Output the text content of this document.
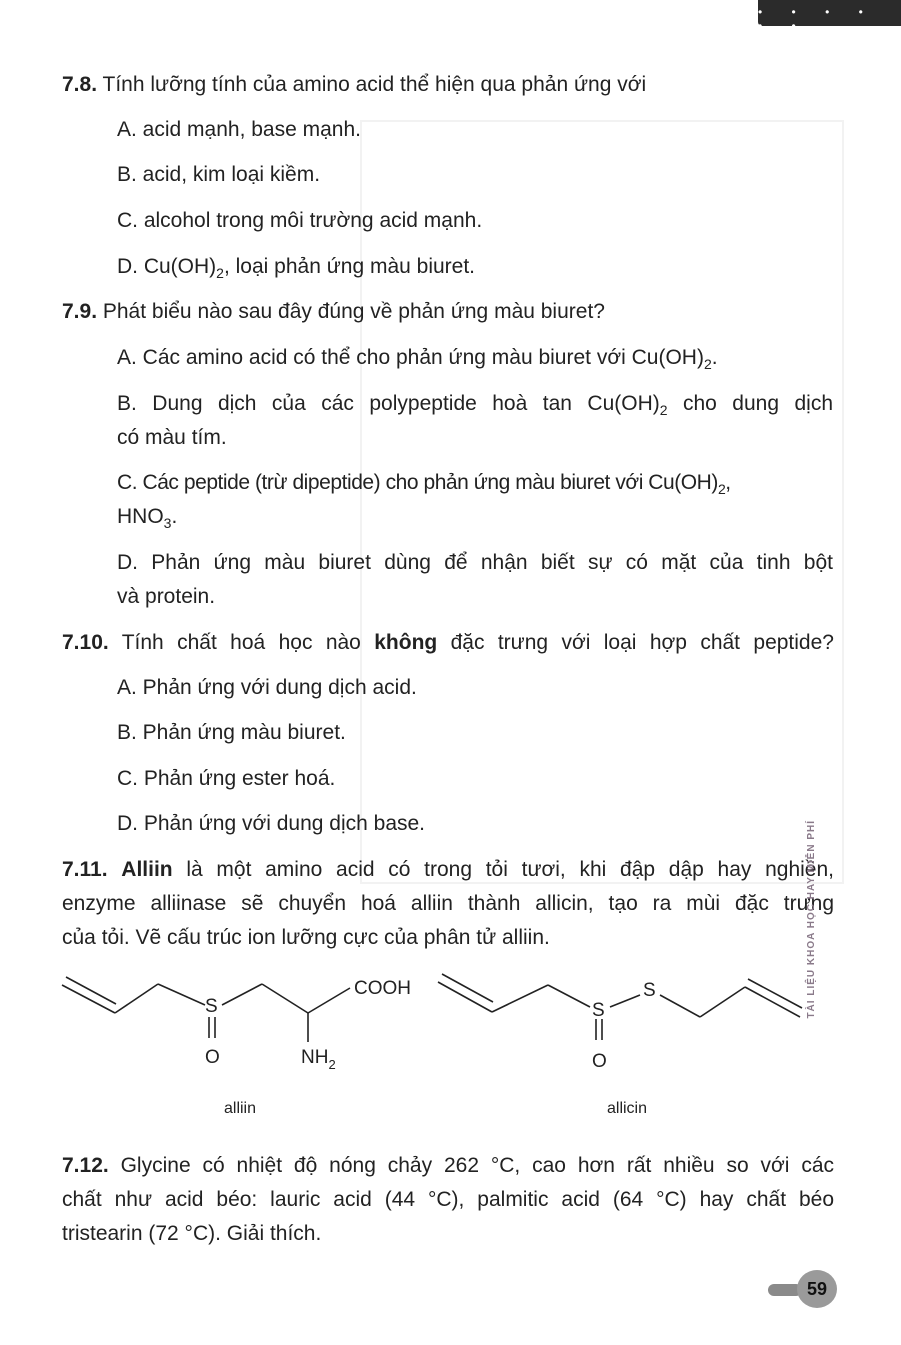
• • • • • •
7.8. Tính lưỡng tính của amino acid thể hiện qua phản ứng với
A. acid mạnh, base mạnh.
B. acid, kim loại kiềm.
C. alcohol trong môi trường acid mạnh.
D. $Cu(OH)_2$, loại phản ứng màu biuret.
7.9. Phát biểu nào sau đây đúng về phản ứng màu biuret?
A. Các amino acid có thể cho phản ứng màu biuret với $Cu(OH)_2$.
B. Dung dịch của các polypeptide hoà $\tan Cu(OH)_2$ cho dung dịch
có màu tím.
C. Các peptide (trừ dipeptide) cho phản ứng màu biuret với $Cu(OH)_2$,
$HNO_3$.
D. Phản ứng màu biuret dùng để nhận biết sự có mặt của tinh bột
và protein.
7.10. Tính chất hoá học nào không đặc trưng với loại hợp chất peptide?
A. Phản ứng với dung dịch acid.
B. Phản ứng màu biuret.
C. Phản ứng ester hoá.
D. Phản ứng với dung dịch base.
7.11. Alliin là một amino acid có trong tỏi tươi, khi đập dập hay nghiền,
enzyme alliinase sẽ chuyển hoá alliin thành allicin, tạo ra mùi đặc trưng
của tỏi. Vẽ cấu trúc ion lưỡng cực của phân tử alliin.
S
O
COOH
$NH_2$
alliin
S
S
O
allicin
7.12. Glycine có nhiệt độ nóng chảy 262 °C, cao hơn rất nhiều so với các
chất như acid béo: lauric acid (44 °C), palmitic acid (64 °C) hay chất béo
tristearin (72 °C). Giải thích.
TÀI LIỆU KHOA HỌC HAY MIỄN PHÍ
59
